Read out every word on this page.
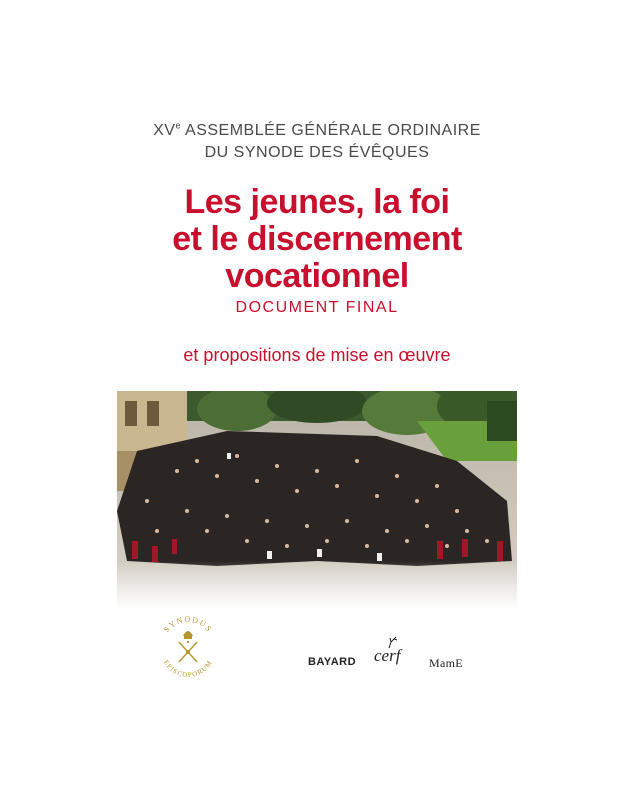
XVe ASSEMBLÉE GÉNÉRALE ORDINAIRE
DU SYNODE DES ÉVÊQUES
Les jeunes, la foi
et le discernement
vocationnel
DOCUMENT FINAL
et propositions de mise en œuvre
SYNODUS
EPISCOPORUM	BAYARD cerf MamE
